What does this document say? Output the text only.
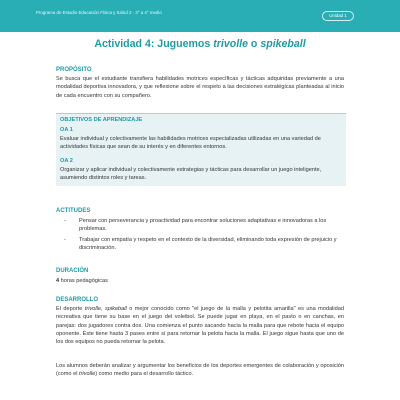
Programa de Estudio Educación Física y Salud 2 · 3° a 4° medio
Unidad 1
Actividad 4: Juguemos trivolle o spikeball
PROPÓSITO
Se busca que el estudiante transfiera habilidades motrices específicas y tácticas adquiridas previamente a una modalidad deportiva innovadora, y que reflexione sobre el respeto a las decisiones estratégicas planteadas al inicio de cada encuentro con su compañero.
OBJETIVOS DE APRENDIZAJE
OA 1
Evaluar individual y colectivamente las habilidades motrices especializadas utilizadas en una variedad de actividades físicas que sean de su interés y en diferentes entornos.
OA 2
Organizar y aplicar individual y colectivamente estrategias y tácticas para desarrollar un juego inteligente, asumiendo distintos roles y tareas.
ACTITUDES
- Pensar con perseverancia y proactividad para encontrar soluciones adaptativas e innovadoras a los problemas.
- Trabajar con empatía y respeto en el contexto de la diversidad, eliminando toda expresión de prejuicio y discriminación.
DURACIÓN
4 horas pedagógicas
DESARROLLO
El deporte trivolle, spikeball o mejor conocido como "el juego de la malla y pelotita amarilla" es una modalidad recreativa que tiene su base en el juego del voleibol. Se puede jugar en playa, en el pasto o en canchas, en parejas: dos jugadores contra dos. Una comienza el punto sacando hacia la malla para que rebote hacia el equipo oponente. Éste tiene hasta 3 pases entre sí para retornar la pelota hacia la malla. El juego sigue hasta que uno de los dos equipos no pueda retornar la pelota.
Los alumnos deberán analizar y argumentar los beneficios de los deportes emergentes de colaboración y oposición (como el trivolle) como medio para el desarrollo táctico.
